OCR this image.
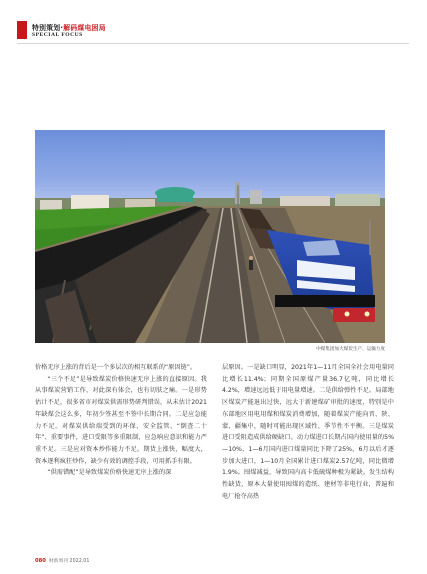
特别策划·解码煤电困局
SPECIAL FOCUS
中煤集团加大煤炭生产、运输力度

价格无序上涨的背后是一个多层次的相互联系的“原因链”。

“三个不足”是导致煤炭价格快速无序上涨的直接原因。我从事煤炭营销工作，对此深有体会，也有切肤之痛。一是形势估计不足，很多省市对煤炭供需形势研判错误，从未估计2021年缺煤会这么多，年初少签甚至不签中长期合同。二是应急能力不足。对煤炭供给端受到的环保、安全监管、“倒查二十年”、重要事件，进口受限等多重限制，应急响应意识和能力严重不足。三是应对资本炒作能力不足。期货上涨快，幅度大，资本逐利疯狂炒作，缺少有效的调控手段，可用抓手有限。

“供需错配”是导致煤炭价格快速无序上涨的深

层原因。一是缺口明显，2021年1—11月全国全社会用电量同比增长11.4%；同期全国原煤产量36.7亿吨，同比增长4.2%，增速远远低于用电量增速。二是供给弹性不足。局部地区煤炭产能退出过快，远大于新建煤矿审批的速度，特别是中东部地区用电用煤和煤炭消费增加，随着煤炭产能向晋、陕、蒙、疆集中，随时可能出现区域性、季节性不平衡。三是煤炭进口受阻造成供给硬缺口。动力煤进口长期占国内使用量的5%—10%，1—6月国内进口煤量同比下降了25%，6月以后才逐步加大进口，1—10月全国累计进口煤炭2.57亿吨，同比微增1.9%。囤煤减益，导致国内高卡低硫煤种极为紧缺。发生结构性缺货，原本大量使用囤煤的造纸、建材等非电行业，普遍和电厂抢夺高热

080 财新周刊 2022.01
